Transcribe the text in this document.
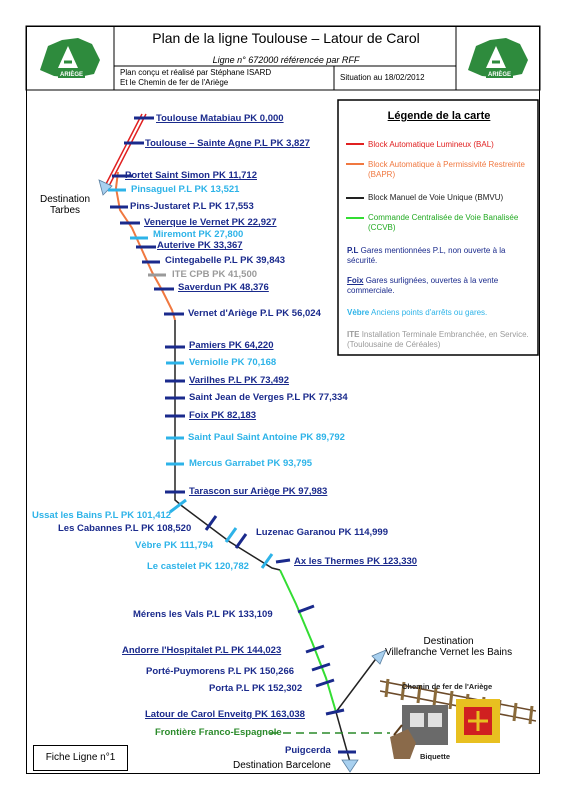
ARIÈGE	ARIÈGE
Plan de la ligne Toulouse – Latour de Carol
Ligne n° 672000 référencée par RFF
Plan conçu et réalisé par Stéphane ISARD
Et le Chemin de fer de l'Ariège
Situation au 18/02/2012
Légende de la carte
Block Automatique Lumineux (BAL)
Block Automatique à Permissivité Restreinte (BAPR)
Block Manuel de Voie Unique (BMVU)
Commande Centralisée de Voie Banalisée (CCVB)
P.L Gares mentionnées P.L, non ouverte à la sécurité.
Foix Gares surlignées, ouvertes à la vente commerciale.
Vèbre Anciens points d'arrêts ou gares.
ITE Installation Terminale Embranchée, en Service. (Toulousaine de Céréales)
Toulouse Matabiau PK 0,000
Toulouse – Sainte Agne P.L PK 3,827
Portet Saint Simon PK 11,712
Pinsaguel P.L PK 13,521
Pins-Justaret P.L PK 17,553
Venerque le Vernet PK 22,927
Miremont PK 27,800
Auterive PK 33,367
Cintegabelle P.L PK 39,843
ITE CPB PK 41,500
Saverdun PK 48,376
Vernet d'Ariège P.L PK 56,024
Pamiers PK 64,220
Verniolle PK 70,168
Varilhes P.L PK 73,492
Saint Jean de Verges P.L PK 77,334
Foix PK 82,183
Saint Paul Saint Antoine PK 89,792
Mercus Garrabet PK 93,795
Tarascon sur Ariège PK 97,983
Ussat les Bains P.L PK 101,412
Les Cabannes P.L PK 108,520	Luzenac Garanou PK 114,999
Vèbre PK 111,794
Ax les Thermes PK 123,330
Le castelet PK 120,782
Mérens les Vals P.L PK 133,109
Andorre l'Hospitalet P.L PK 144,023
Porté-Puymorens P.L PK 150,266
Porta P.L PK 152,302
Latour de Carol Enveitg PK 163,038
Puigcerda
Destination
Tarbes
Destination
Villefranche Vernet les Bains
Destination Barcelone
Frontière Franco-Espagnole
Chemin de fer de l'Ariège
Biquette
Fiche Ligne n°1
